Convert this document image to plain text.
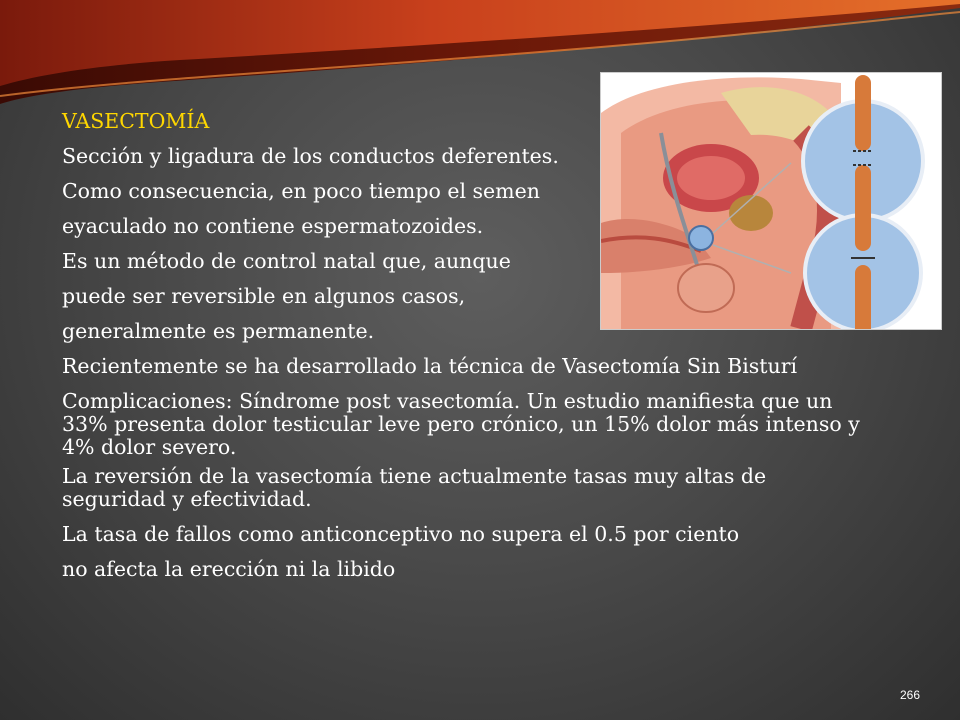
VASECTOMÍA
Sección y ligadura de los conductos deferentes.
Como consecuencia, en poco tiempo el semen
eyaculado no contiene espermatozoides.
Es un método de control natal que, aunque
puede ser reversible en algunos casos,
generalmente es permanente.
Recientemente se ha desarrollado la técnica de Vasectomía Sin Bisturí
Complicaciones: Síndrome post vasectomía. Un estudio manifiesta que un 33% presenta dolor testicular leve pero crónico, un 15% dolor más intenso y 4% dolor severo.
La reversión de la vasectomía tiene actualmente tasas muy altas de seguridad y efectividad.
La tasa de fallos como anticonceptivo no supera el 0.5 por ciento
no afecta la erección ni la libido
266
